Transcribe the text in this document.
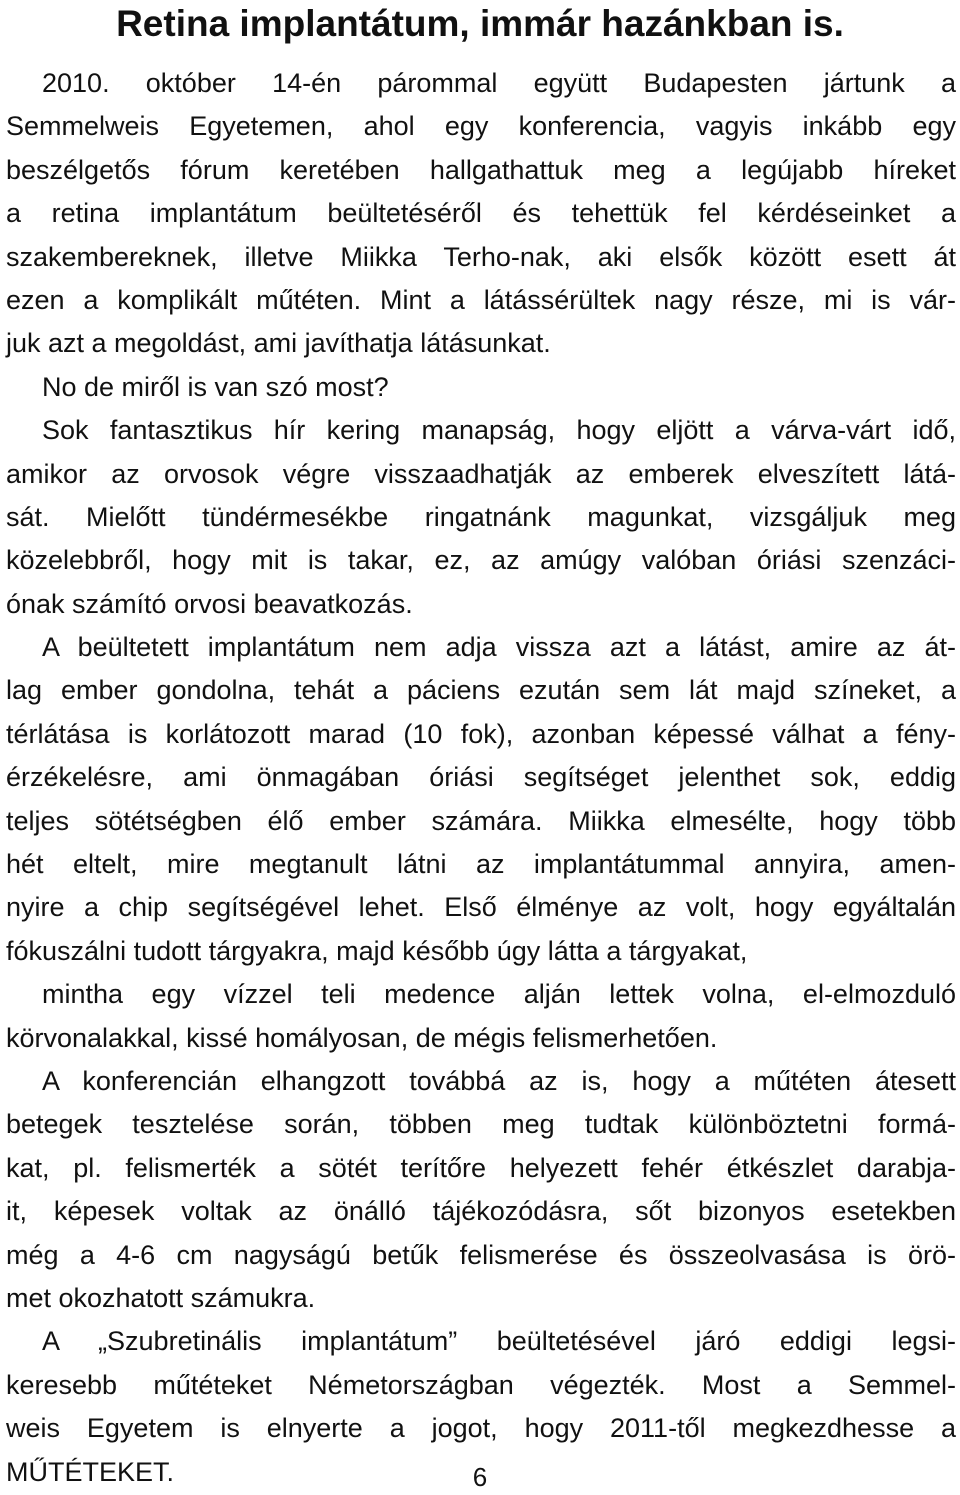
Retina implantátum, immár hazánkban is.
2010. október 14-én párommal együtt Budapesten jártunk a
Semmelweis Egyetemen, ahol egy konferencia, vagyis inkább egy
beszélgetős fórum keretében hallgathattuk meg a legújabb híreket
a retina implantátum beültetéséről és tehettük fel kérdéseinket a
szakembereknek, illetve Miikka Terho-nak, aki elsők között esett át
ezen a komplikált műtéten. Mint a látássérültek nagy része, mi is vár-
juk azt a megoldást, ami javíthatja látásunkat.
No de miről is van szó most?
Sok fantasztikus hír kering manapság, hogy eljött a várva-várt idő,
amikor az orvosok végre visszaadhatják az emberek elveszített látá-
sát. Mielőtt tündérmesékbe ringatnánk magunkat, vizsgáljuk meg
közelebbről, hogy mit is takar, ez, az amúgy valóban óriási szenzáci-
ónak számító orvosi beavatkozás.
A beültetett implantátum nem adja vissza azt a látást, amire az át-
lag ember gondolna, tehát a páciens ezután sem lát majd színeket, a
térlátása is korlátozott marad (10 fok), azonban képessé válhat a fény-
érzékelésre, ami önmagában óriási segítséget jelenthet sok, eddig
teljes sötétségben élő ember számára. Miikka elmesélte, hogy több
hét eltelt, mire megtanult látni az implantátummal annyira, amen-
nyire a chip segítségével lehet. Első élménye az volt, hogy egyáltalán
fókuszálni tudott tárgyakra, majd később úgy látta a tárgyakat,
mintha egy vízzel teli medence alján lettek volna, el-elmozduló
körvonalakkal, kissé homályosan, de mégis felismerhetően.
A konferencián elhangzott továbbá az is, hogy a műtéten átesett
betegek tesztelése során, többen meg tudtak különböztetni formá-
kat, pl. felismerték a sötét terítőre helyezett fehér étkészlet darabja-
it, képesek voltak az önálló tájékozódásra, sőt bizonyos esetekben
még a 4-6 cm nagyságú betűk felismerése és összeolvasása is örö-
met okozhatott számukra.
A „Szubretinális implantátum” beültetésével járó eddigi legsi-
keresebb műtéteket Németországban végezték. Most a Semmel-
weis Egyetem is elnyerte a jogot, hogy 2011-től megkezdhesse a
MŰTÉTEKET.	6
